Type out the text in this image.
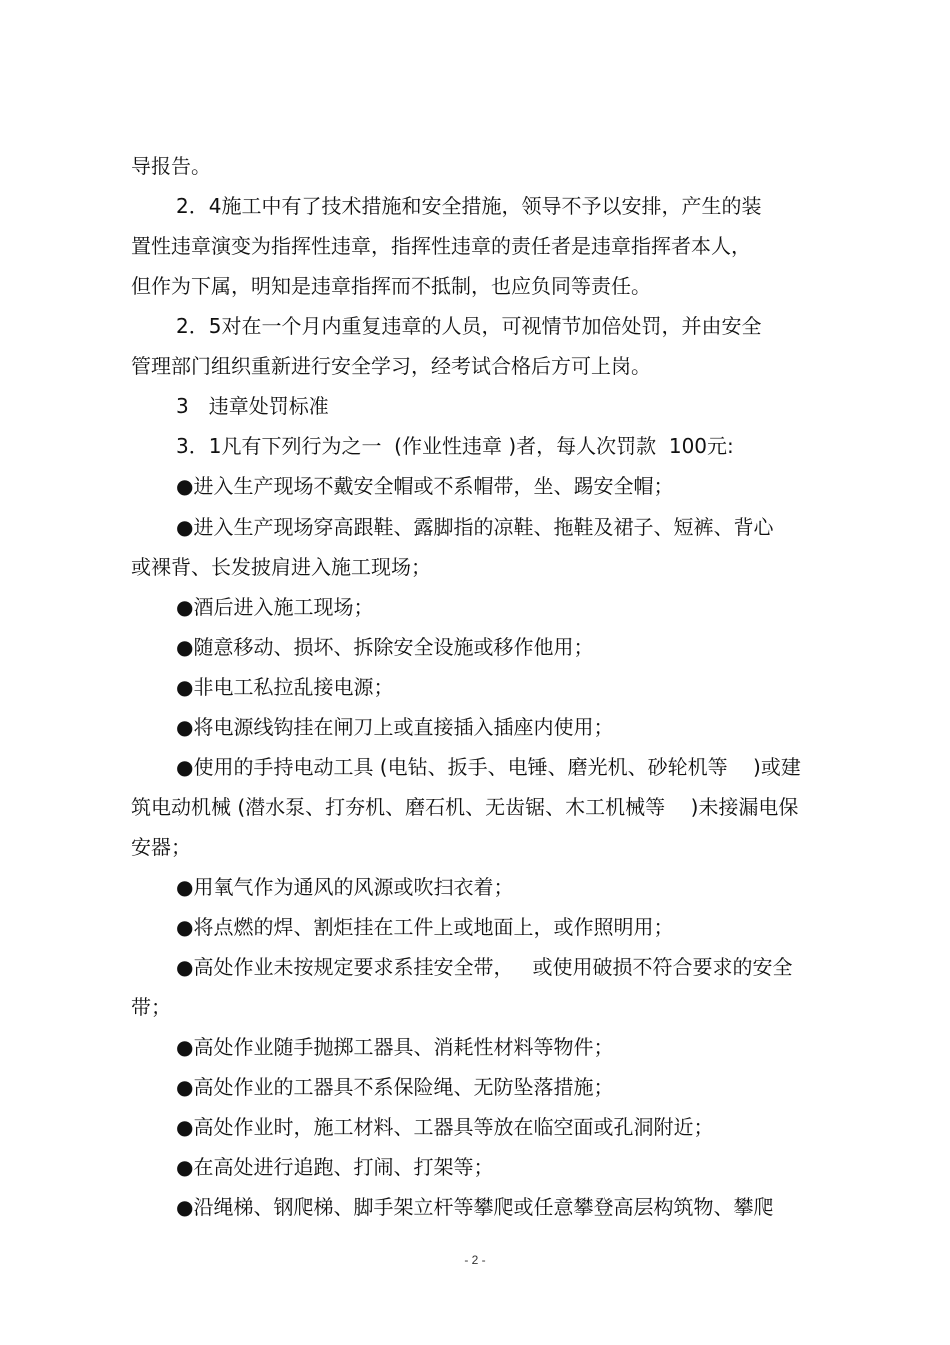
导报告。
2．4施工中有了技术措施和安全措施，领导不予以安排，产生的装
置性违章演变为指挥性违章，指挥性违章的责任者是违章指挥者本人，
但作为下属，明知是违章指挥而不抵制，也应负同等责任。
2．5对在一个月内重复违章的人员，可视情节加倍处罚，并由安全
管理部门组织重新进行安全学习，经考试合格后方可上岗。
3　违章处罚标准
3．1凡有下列行为之一  (作业性违章 )者，每人次罚款  100元:
●进入生产现场不戴安全帽或不系帽带，坐、踢安全帽；
●进入生产现场穿高跟鞋、露脚指的凉鞋、拖鞋及裙子、短裤、背心
或裸背、长发披肩进入施工现场；
●酒后进入施工现场；
●随意移动、损坏、拆除安全设施或移作他用；
●非电工私拉乱接电源；
●将电源线钩挂在闸刀上或直接插入插座内使用；
●使用的手持电动工具 (电钻、扳手、电锤、磨光机、砂轮机等    )或建
筑电动机械 (潜水泵、打夯机、磨石机、无齿锯、木工机械等    )未接漏电保
安器；
●用氧气作为通风的风源或吹扫衣着；
●将点燃的焊、割炬挂在工件上或地面上，或作照明用；
●高处作业未按规定要求系挂安全带，   或使用破损不符合要求的安全
带；
●高处作业随手抛掷工器具、消耗性材料等物件；
●高处作业的工器具不系保险绳、无防坠落措施；
●高处作业时，施工材料、工器具等放在临空面或孔洞附近；
●在高处进行追跑、打闹、打架等；
●沿绳梯、钢爬梯、脚手架立杆等攀爬或任意攀登高层构筑物、攀爬
- 2 -
